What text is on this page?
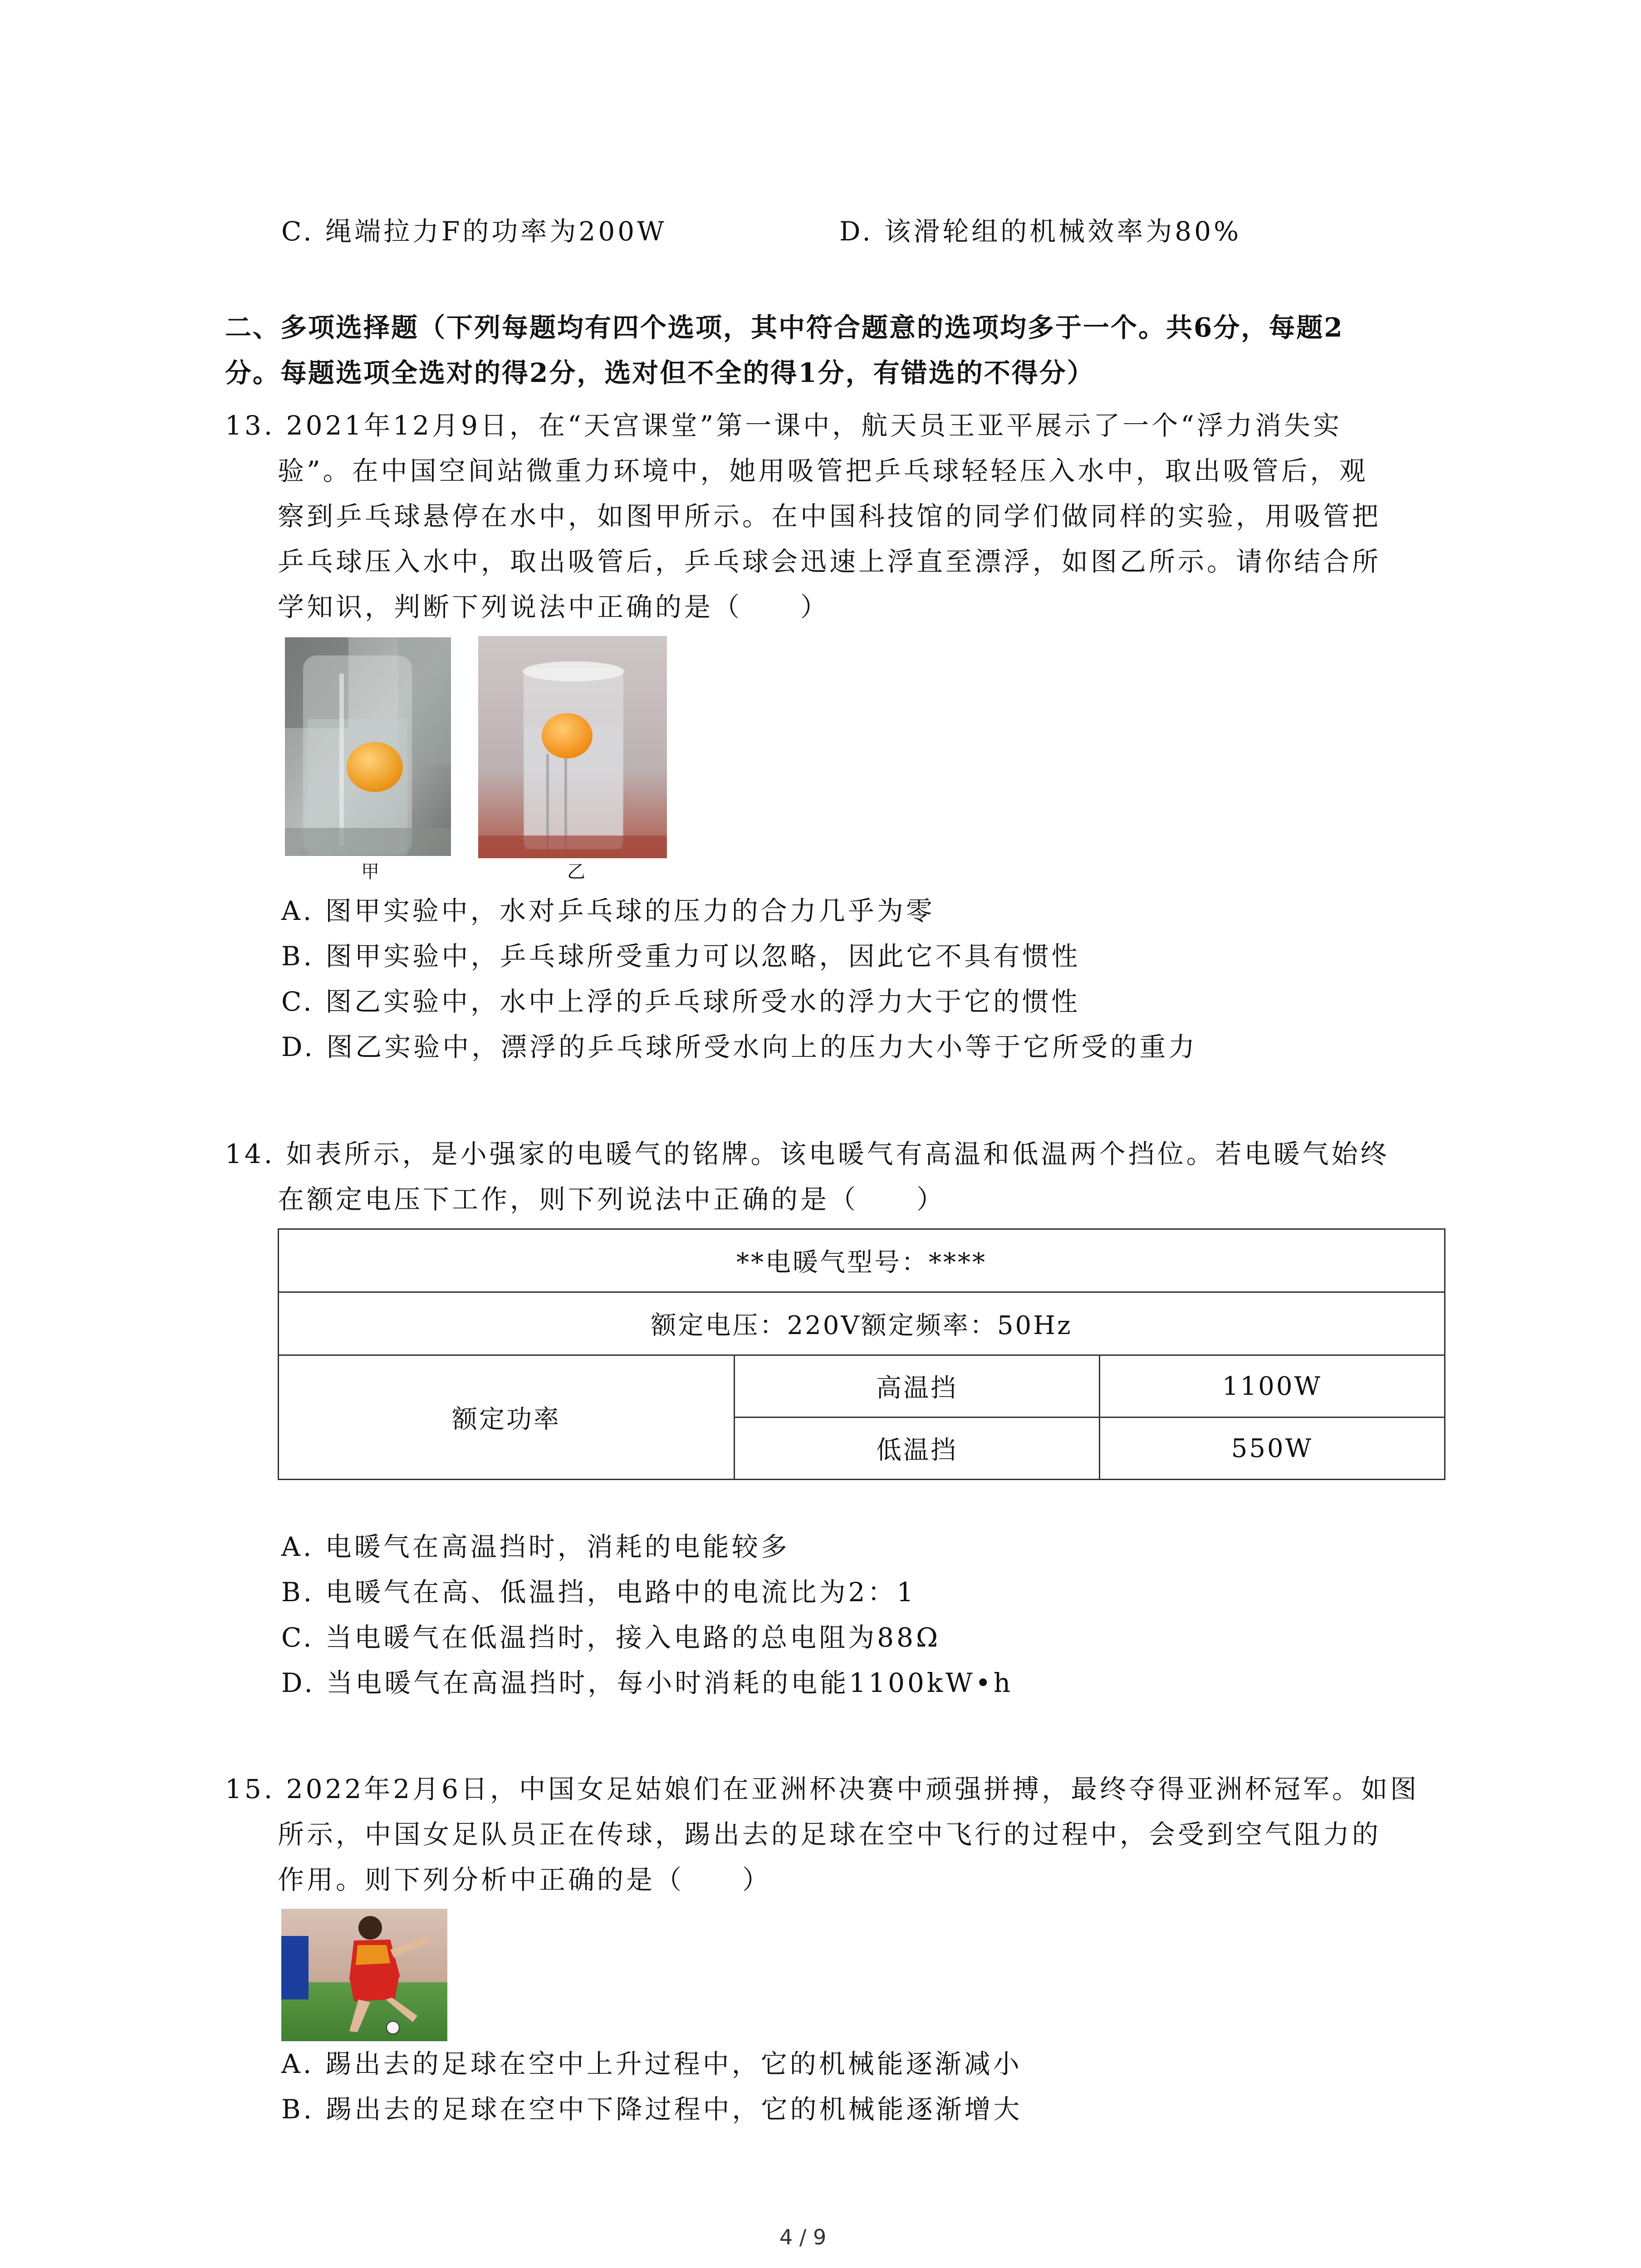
C. 绳端拉力F的功率为200W	D. 该滑轮组的机械效率为80%
二、多项选择题（下列每题均有四个选项，其中符合题意的选项均多于一个。共6分，每题2
分。每题选项全选对的得2分，选对但不全的得1分，有错选的不得分）
13. 2021年12月9日，在“天宫课堂”第一课中，航天员王亚平展示了一个“浮力消失实
验”。在中国空间站微重力环境中，她用吸管把乒乓球轻轻压入水中，取出吸管后，观
察到乒乓球悬停在水中，如图甲所示。在中国科技馆的同学们做同样的实验，用吸管把
乒乓球压入水中，取出吸管后，乒乓球会迅速上浮直至漂浮，如图乙所示。请你结合所
学知识，判断下列说法中正确的是（　　）
甲	乙
A. 图甲实验中，水对乒乓球的压力的合力几乎为零
B. 图甲实验中，乒乓球所受重力可以忽略，因此它不具有惯性
C. 图乙实验中，水中上浮的乒乓球所受水的浮力大于它的惯性
D. 图乙实验中，漂浮的乒乓球所受水向上的压力大小等于它所受的重力
14. 如表所示，是小强家的电暖气的铭牌。该电暖气有高温和低温两个挡位。若电暖气始终
在额定电压下工作，则下列说法中正确的是（　　）
**电暖气型号：****		
额定电压：220V额定频率：50Hz		
额定功率	高温挡	1100W
	低温挡	550W
A. 电暖气在高温挡时，消耗的电能较多
B. 电暖气在高、低温挡，电路中的电流比为2：1
C. 当电暖气在低温挡时，接入电路的总电阻为88Ω
D. 当电暖气在高温挡时，每小时消耗的电能1100kW•h
15. 2022年2月6日，中国女足姑娘们在亚洲杯决赛中顽强拼搏，最终夺得亚洲杯冠军。如图
所示，中国女足队员正在传球，踢出去的足球在空中飞行的过程中，会受到空气阻力的
作用。则下列分析中正确的是（　　）
A. 踢出去的足球在空中上升过程中，它的机械能逐渐减小
B. 踢出去的足球在空中下降过程中，它的机械能逐渐增大
4 / 9
